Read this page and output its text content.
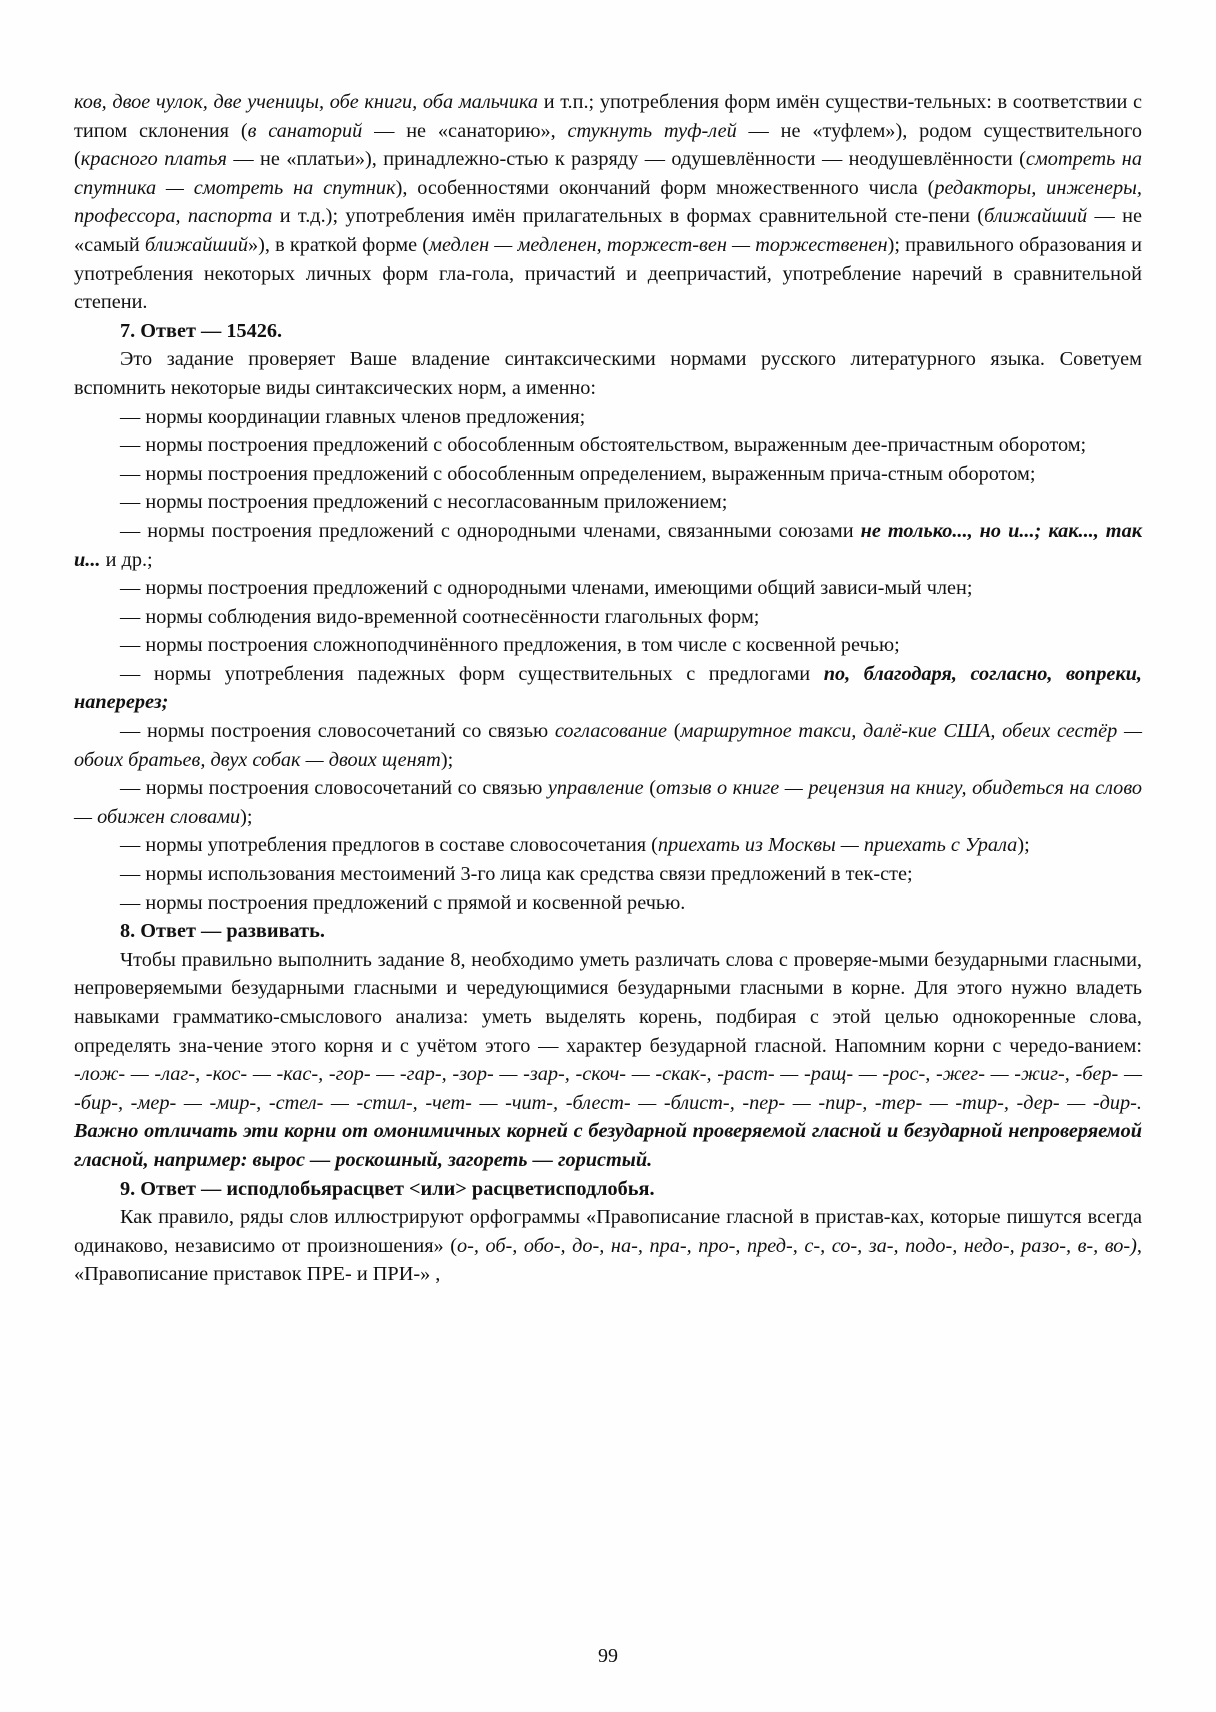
ков, двое чулок, две ученицы, обе книги, оба мальчика и т.п.; употребления форм имён существи-тельных: в соответствии с типом склонения (в санаторий — не «санаторию», стукнуть туф-лей — не «туфлем»), родом существительного (красного платья — не «платьи»), принадлежно-стью к разряду — одушевлённости — неодушевлённости (смотреть на спутника — смотреть на спутник), особенностями окончаний форм множественного числа (редакторы, инженеры, профессора, паспорта и т.д.); употребления имён прилагательных в формах сравнительной сте-пени (ближайший — не «самый ближайший»), в краткой форме (медлен — медленен, торжест-вен — торжественен); правильного образования и употребления некоторых личных форм гла-гола, причастий и деепричастий, употребление наречий в сравнительной степени.

7. Ответ — 15426.

Это задание проверяет Ваше владение синтаксическими нормами русского литературного языка. Советуем вспомнить некоторые виды синтаксических норм, а именно:

— нормы координации главных членов предложения;

— нормы построения предложений с обособленным обстоятельством, выраженным дее-причастным оборотом;

— нормы построения предложений с обособленным определением, выраженным прича-стным оборотом;

— нормы построения предложений с несогласованным приложением;

— нормы построения предложений с однородными членами, связанными союзами не только..., но и...; как..., так и... и др.;

— нормы построения предложений с однородными членами, имеющими общий зависи-мый член;

— нормы соблюдения видо-временной соотнесённости глагольных форм;

— нормы построения сложноподчинённого предложения, в том числе с косвенной речью;

— нормы употребления падежных форм существительных с предлогами по, благодаря, согласно, вопреки, наперерез;

— нормы построения словосочетаний со связью согласование (маршрутное такси, далё-кие США, обеих сестёр — обоих братьев, двух собак — двоих щенят);

— нормы построения словосочетаний со связью управление (отзыв о книге — рецензия на книгу, обидеться на слово — обижен словами);

— нормы употребления предлогов в составе словосочетания (приехать из Москвы — приехать с Урала);

— нормы использования местоимений 3-го лица как средства связи предложений в тек-сте;

— нормы построения предложений с прямой и косвенной речью.

8. Ответ — развивать.

Чтобы правильно выполнить задание 8, необходимо уметь различать слова с проверяе-мыми безударными гласными, непроверяемыми безударными гласными и чередующимися безударными гласными в корне. Для этого нужно владеть навыками грамматико-смыслового анализа: уметь выделять корень, подбирая с этой целью однокоренные слова, определять зна-чение этого корня и с учётом этого — характер безударной гласной. Напомним корни с чередо-ванием: -лож- — -лаг-, -кос- — -кас-, -гор- — -гар-, -зор- — -зар-, -скоч- — -скак-, -раст- — -ращ- — -рос-, -жег- — -жиг-, -бер- — -бир-, -мер- — -мир-, -стел- — -стил-, -чет- — -чит-, -блест- — -блист-, -пер- — -пир-, -тер- — -тир-, -дер- — -дир-. Важно отличать эти корни от омонимичных корней с безударной проверяемой гласной и безударной непроверяемой гласной, например: вырос — роскошный, загореть — гористый.

9. Ответ — исподлобьярасцвет <или> расцветисподлобья.

Как правило, ряды слов иллюстрируют орфограммы «Правописание гласной в пристав-ках, которые пишутся всегда одинаково, независимо от произношения» (о-, об-, обо-, до-, на-, пра-, про-, пред-, с-, со-, за-, подо-, недо-, разо-, в-, во-), «Правописание приставок ПРЕ- и ПРИ-» ,

99
